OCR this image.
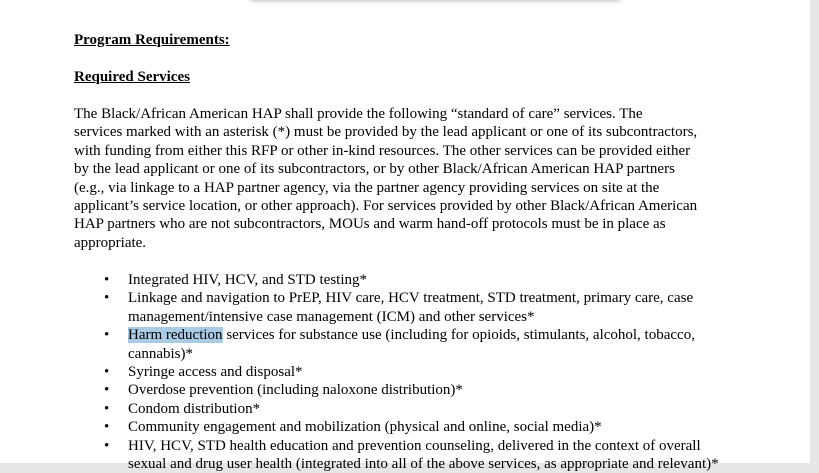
Program Requirements:
Required Services
The Black/African American HAP shall provide the following “standard of care” services. The
services marked with an asterisk (*) must be provided by the lead applicant or one of its subcontractors,
with funding from either this RFP or other in-kind resources. The other services can be provided either
by the lead applicant or one of its subcontractors, or by other Black/African American HAP partners
(e.g., via linkage to a HAP partner agency, via the partner agency providing services on site at the
applicant’s service location, or other approach). For services provided by other Black/African American
HAP partners who are not subcontractors, MOUs and warm hand-off protocols must be in place as
appropriate.
• Integrated HIV, HCV, and STD testing*
• Linkage and navigation to PrEP, HIV care, HCV treatment, STD treatment, primary care, case
management/intensive case management (ICM) and other services*
• Harm reduction services for substance use (including for opioids, stimulants, alcohol, tobacco,
cannabis)*
• Syringe access and disposal*
• Overdose prevention (including naloxone distribution)*
• Condom distribution*
• Community engagement and mobilization (physical and online, social media)*
• HIV, HCV, STD health education and prevention counseling, delivered in the context of overall
sexual and drug user health (integrated into all of the above services, as appropriate and relevant)*
